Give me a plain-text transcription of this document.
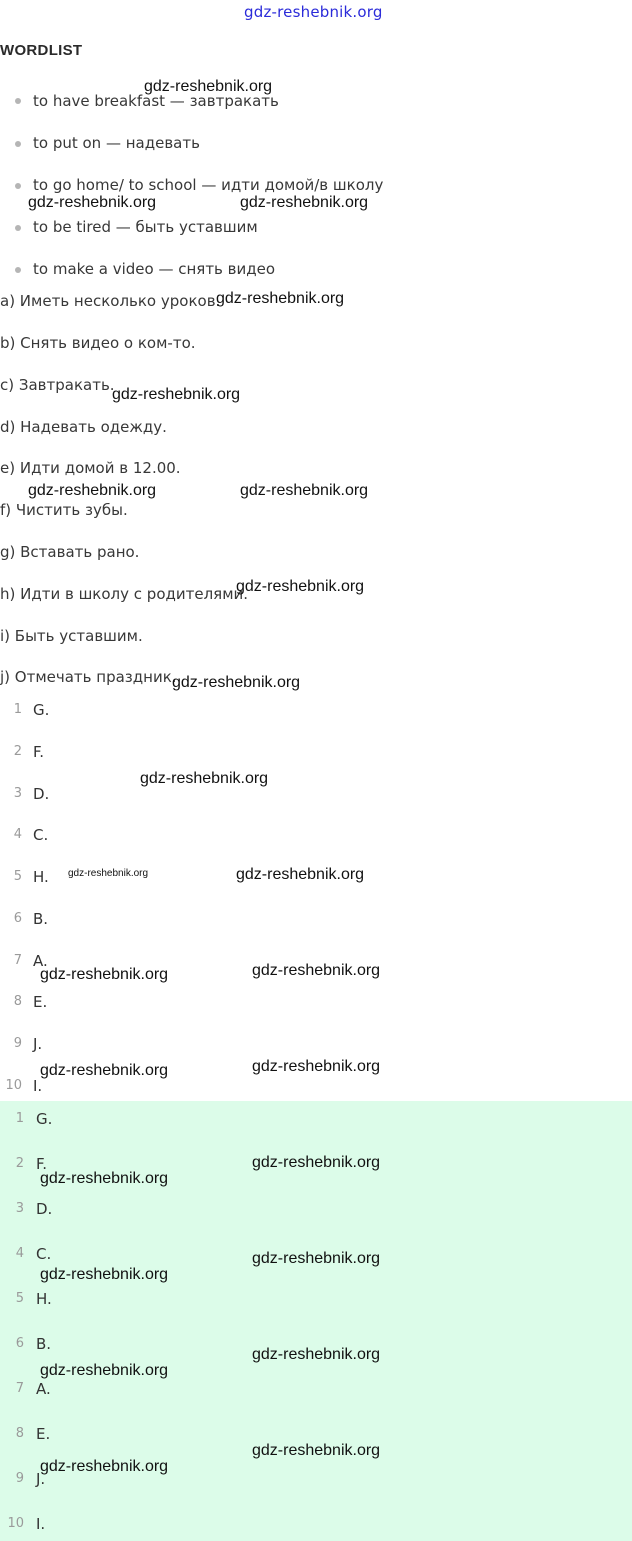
gdz-reshebnik.org
WORDLIST
to have breakfast — завтракать
to put on — надевать
to go home/ to school — идти домой/в школу
to be tired — быть уставшим
to make a video — снять видео
a) Иметь несколько уроков.
b) Снять видео о ком-то.
c) Завтракать.
d) Надевать одежду.
e) Идти домой в 12.00.
f) Чистить зубы.
g) Вставать рано.
h) Идти в школу с родителями.
i) Быть уставшим.
j) Отмечать праздник.
1 G.
2 F.
3 D.
4 C.
5 H.
6 B.
7 A.
8 E.
9 J.
10 I.
1 G.
2 F.
3 D.
4 C.
5 H.
6 B.
7 A.
8 E.
9 J.
10 I.
gdz-reshebnik.org
gdz-reshebnik.org	gdz-reshebnik.org
gdz-reshebnik.org
gdz-reshebnik.org
gdz-reshebnik.org	gdz-reshebnik.org
gdz-reshebnik.org
gdz-reshebnik.org
gdz-reshebnik.org
gdz-reshebnik.org	gdz-reshebnik.org
gdz-reshebnik.org	gdz-reshebnik.org
gdz-reshebnik.org	gdz-reshebnik.org
gdz-reshebnik.org
gdz-reshebnik.org
gdz-reshebnik.org
gdz-reshebnik.org
gdz-reshebnik.org
gdz-reshebnik.org
gdz-reshebnik.org
gdz-reshebnik.org
